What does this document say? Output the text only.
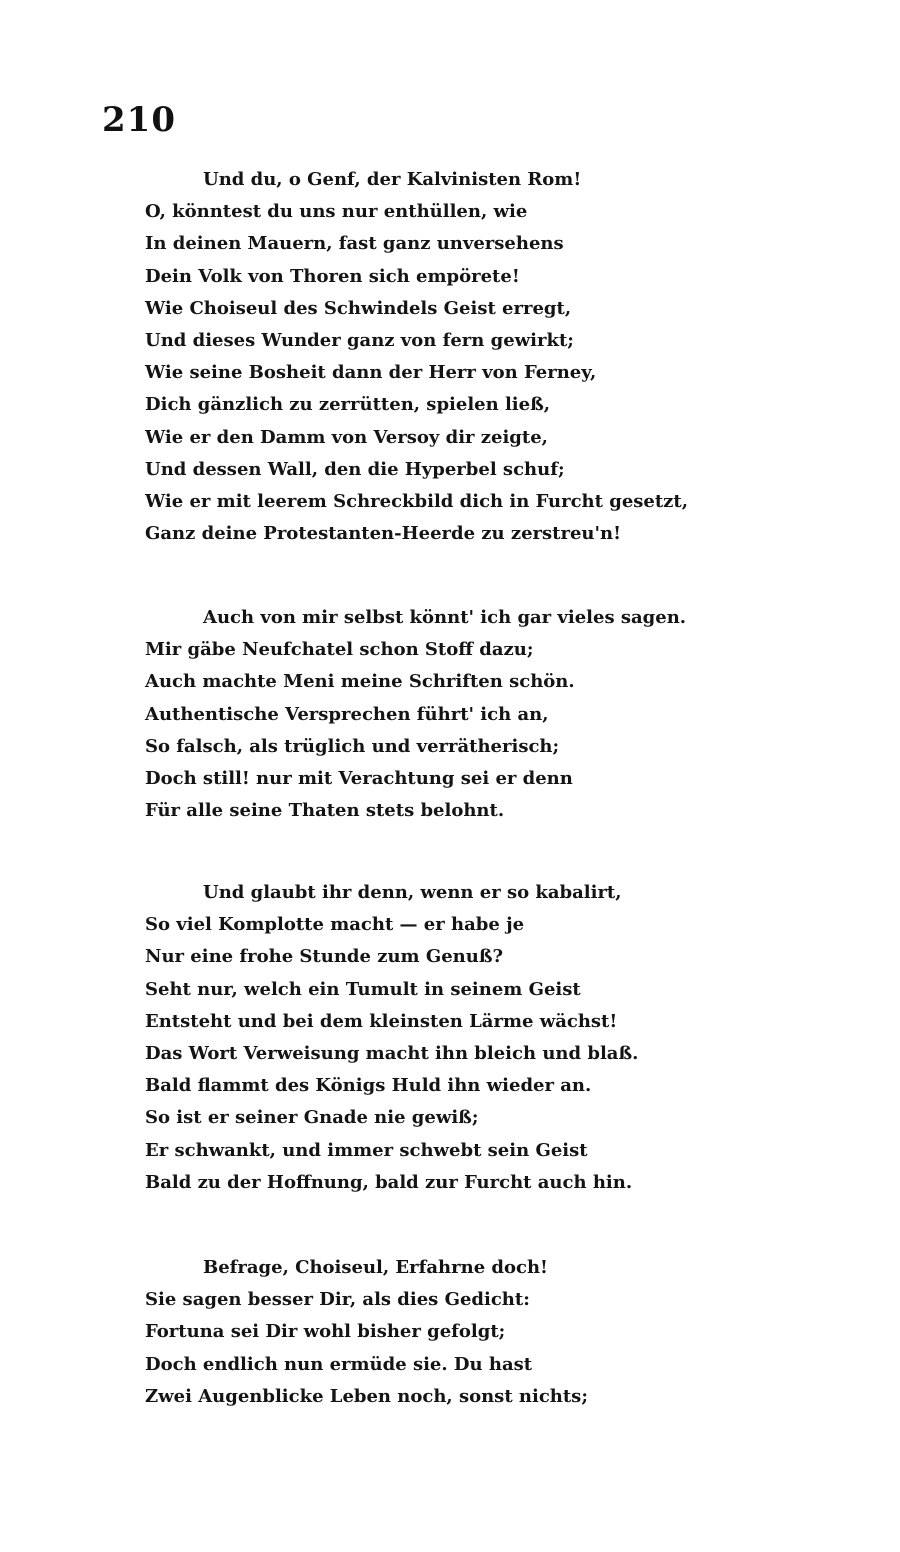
210
Und du, o Genf, der Kalvinisten Rom!
O, könntest du uns nur enthüllen, wie
In deinen Mauern, fast ganz unversehens
Dein Volk von Thoren sich empörete!
Wie Choiseul des Schwindels Geist erregt,
Und dieses Wunder ganz von fern gewirkt;
Wie seine Bosheit dann der Herr von Ferney,
Dich gänzlich zu zerrütten, spielen ließ,
Wie er den Damm von Versoy dir zeigte,
Und dessen Wall, den die Hyperbel schuf;
Wie er mit leerem Schreckbild dich in Furcht gesetzt,
Ganz deine Protestanten-Heerde zu zerstreu'n!
Auch von mir selbst könnt' ich gar vieles sagen.
Mir gäbe Neufchatel schon Stoff dazu;
Auch machte Meni meine Schriften schön.
Authentische Versprechen führt' ich an,
So falsch, als trüglich und verrätherisch;
Doch still! nur mit Verachtung sei er denn
Für alle seine Thaten stets belohnt.
Und glaubt ihr denn, wenn er so kabalirt,
So viel Komplotte macht — er habe je
Nur eine frohe Stunde zum Genuß?
Seht nur, welch ein Tumult in seinem Geist
Entsteht und bei dem kleinsten Lärme wächst!
Das Wort Verweisung macht ihn bleich und blaß.
Bald flammt des Königs Huld ihn wieder an.
So ist er seiner Gnade nie gewiß;
Er schwankt, und immer schwebt sein Geist
Bald zu der Hoffnung, bald zur Furcht auch hin.
Befrage, Choiseul, Erfahrne doch!
Sie sagen besser Dir, als dies Gedicht:
Fortuna sei Dir wohl bisher gefolgt;
Doch endlich nun ermüde sie. Du hast
Zwei Augenblicke Leben noch, sonst nichts;
